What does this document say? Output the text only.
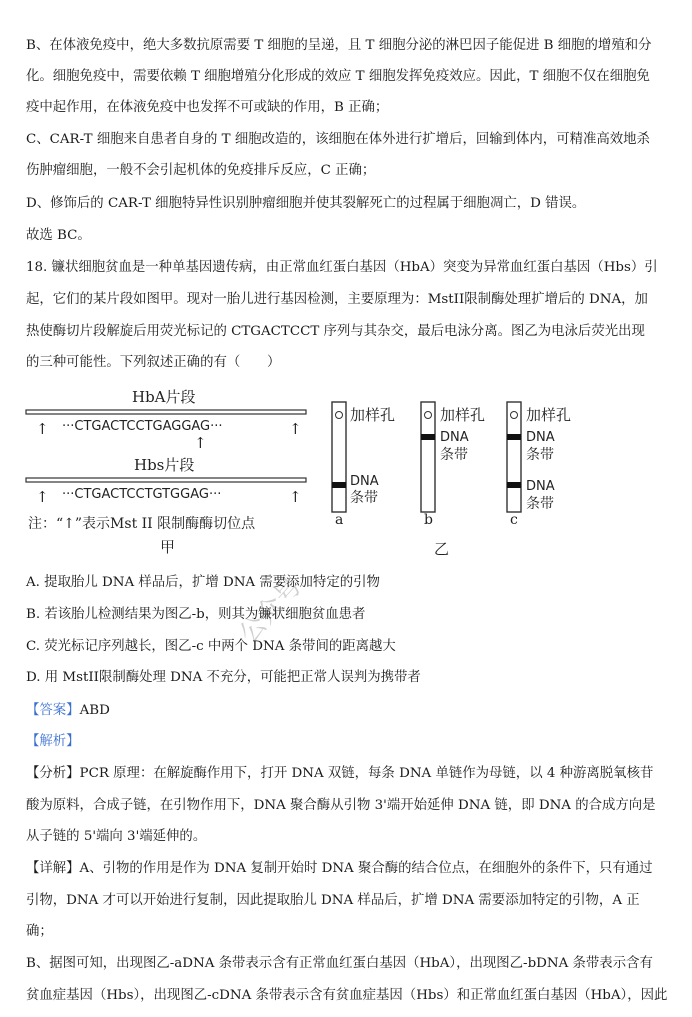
B、在体液免疫中，绝大多数抗原需要 T 细胞的呈递，且 T 细胞分泌的淋巴因子能促进 B 细胞的增殖和分
化。细胞免疫中，需要依赖 T 细胞增殖分化形成的效应 T 细胞发挥免疫效应。因此，T 细胞不仅在细胞免
疫中起作用，在体液免疫中也发挥不可或缺的作用，B 正确；
C、CAR-T 细胞来自患者自身的 T 细胞改造的，该细胞在体外进行扩增后，回输到体内，可精准高效地杀
伤肿瘤细胞，一般不会引起机体的免疫排斥反应，C 正确；
D、修饰后的 CAR-T 细胞特异性识别肿瘤细胞并使其裂解死亡的过程属于细胞凋亡，D 错误。
故选 BC。
18. 镰状细胞贫血是一种单基因遗传病，由正常血红蛋白基因（HbA）突变为异常血红蛋白基因（Hbs）引
起，它们的某片段如图甲。现对一胎儿进行基因检测，主要原理为：MstII限制酶处理扩增后的 DNA，加
热使酶切片段解旋后用荧光标记的 CTGACTCCT 序列与其杂交，最后电泳分离。图乙为电泳后荧光出现
的三种可能性。下列叙述正确的有（　　）
HbA片段
↑
↑
↑
···CTGACTCCTGAGGAG···
Hbs片段
↑	↑
···CTGACTCCTGTGGAG···
注：“↑”表示Mst II 限制酶酶切位点
甲
加样孔
DNA
条带
a
加样孔
DNA
条带
b
加样孔
DNA
条带
DNA
条带
c
乙
公众号
A. 提取胎儿 DNA 样品后，扩增 DNA 需要添加特定的引物
B. 若该胎儿检测结果为图乙-b，则其为镰状细胞贫血患者
C. 荧光标记序列越长，图乙-c 中两个 DNA 条带间的距离越大
D. 用 MstII限制酶处理 DNA 不充分，可能把正常人误判为携带者
【答案】ABD
【解析】
【分析】PCR 原理：在解旋酶作用下，打开 DNA 双链，每条 DNA 单链作为母链，以 4 种游离脱氧核苷
酸为原料，合成子链，在引物作用下，DNA 聚合酶从引物 3'端开始延伸 DNA 链，即 DNA 的合成方向是
从子链的 5'端向 3'端延伸的。
【详解】A、引物的作用是作为 DNA 复制开始时 DNA 聚合酶的结合位点，在细胞外的条件下，只有通过
引物，DNA 才可以开始进行复制，因此提取胎儿 DNA 样品后，扩增 DNA 需要添加特定的引物，A 正
确；
B、据图可知，出现图乙-aDNA 条带表示含有正常血红蛋白基因（HbA），出现图乙-bDNA 条带表示含有
贫血症基因（Hbs），出现图乙-cDNA 条带表示含有贫血症基因（Hbs）和正常血红蛋白基因（HbA），因此
